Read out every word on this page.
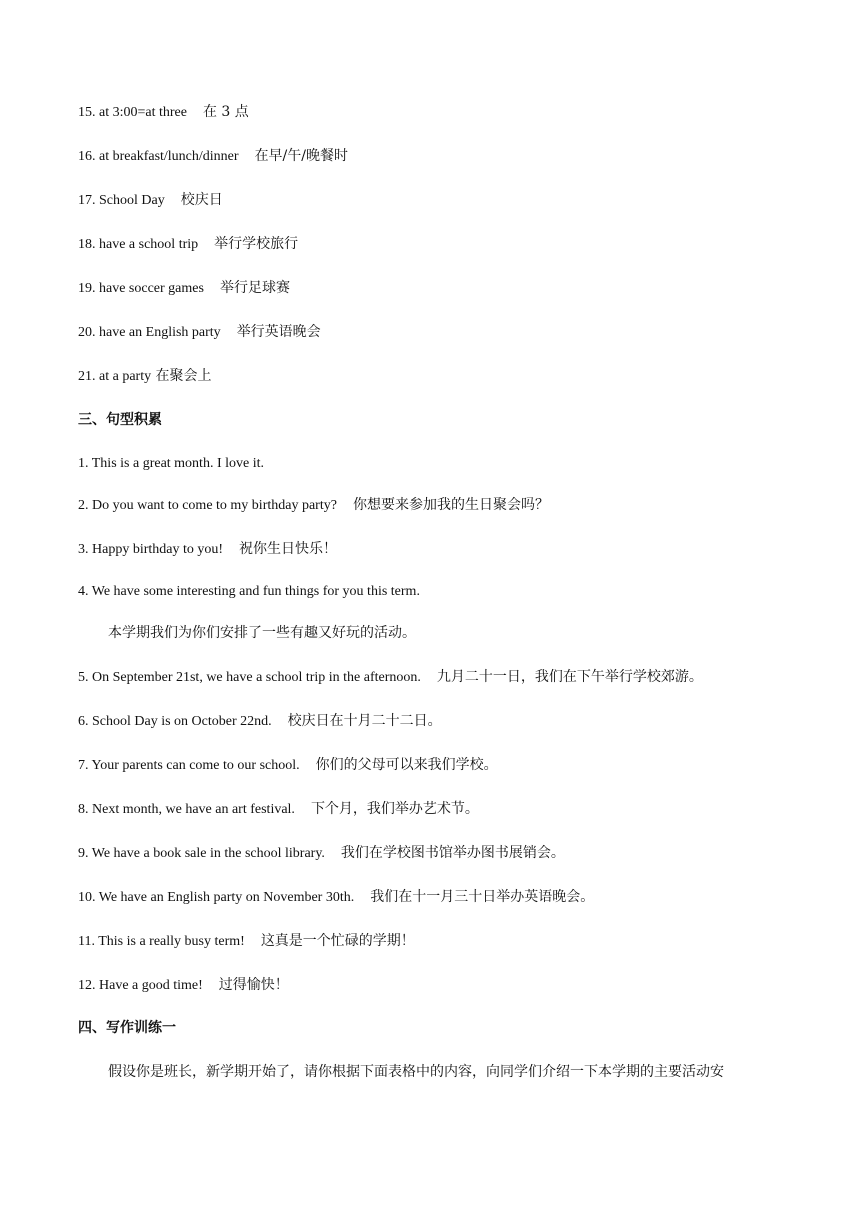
15. at 3:00=at three 在 3 点
16. at breakfast/lunch/dinner 在早/午/晚餐时
17. School Day 校庆日
18. have a school trip 举行学校旅行
19. have soccer games 举行足球赛
20. have an English party 举行英语晚会
21. at a party 在聚会上
三、句型积累
1. This is a great month. I love it.
2. Do you want to come to my birthday party? 你想要来参加我的生日聚会吗？
3. Happy birthday to you! 祝你生日快乐！
4. We have some interesting and fun things for you this term.
本学期我们为你们安排了一些有趣又好玩的活动。
5. On September 21st, we have a school trip in the afternoon. 九月二十一日，我们在下午举行学校郊游。
6. School Day is on October 22nd. 校庆日在十月二十二日。
7. Your parents can come to our school. 你们的父母可以来我们学校。
8. Next month, we have an art festival. 下个月，我们举办艺术节。
9. We have a book sale in the school library. 我们在学校图书馆举办图书展销会。
10. We have an English party on November 30th. 我们在十一月三十日举办英语晚会。
11. This is a really busy term! 这真是一个忙碌的学期！
12. Have a good time! 过得愉快！
四、写作训练一
假设你是班长，新学期开始了，请你根据下面表格中的内容，向同学们介绍一下本学期的主要活动安
